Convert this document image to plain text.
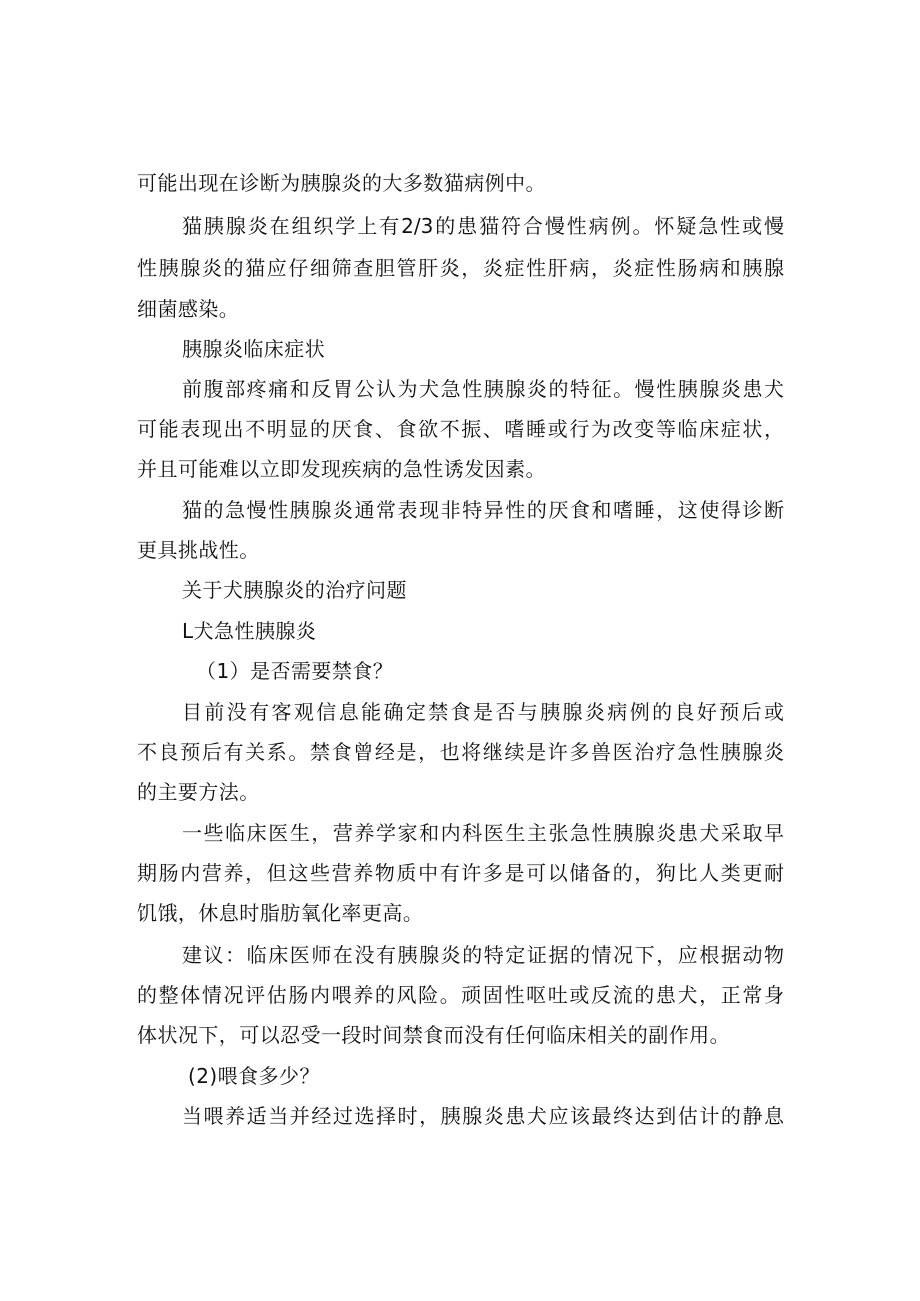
可能出现在诊断为胰腺炎的大多数猫病例中。
猫胰腺炎在组织学上有2/3的患猫符合慢性病例。怀疑急性或慢
性胰腺炎的猫应仔细筛查胆管肝炎，炎症性肝病，炎症性肠病和胰腺
细菌感染。
胰腺炎临床症状
前腹部疼痛和反胃公认为犬急性胰腺炎的特征。慢性胰腺炎患犬
可能表现出不明显的厌食、食欲不振、嗜睡或行为改变等临床症状，
并且可能难以立即发现疾病的急性诱发因素。
猫的急慢性胰腺炎通常表现非特异性的厌食和嗜睡，这使得诊断
更具挑战性。
关于犬胰腺炎的治疗问题
L犬急性胰腺炎
（1）是否需要禁食？
目前没有客观信息能确定禁食是否与胰腺炎病例的良好预后或
不良预后有关系。禁食曾经是，也将继续是许多兽医治疗急性胰腺炎
的主要方法。
一些临床医生，营养学家和内科医生主张急性胰腺炎患犬采取早
期肠内营养，但这些营养物质中有许多是可以储备的，狗比人类更耐
饥饿，休息时脂肪氧化率更高。
建议：临床医师在没有胰腺炎的特定证据的情况下，应根据动物
的整体情况评估肠内喂养的风险。顽固性呕吐或反流的患犬，正常身
体状况下，可以忍受一段时间禁食而没有任何临床相关的副作用。
(2)喂食多少？
当喂养适当并经过选择时，胰腺炎患犬应该最终达到估计的静息
